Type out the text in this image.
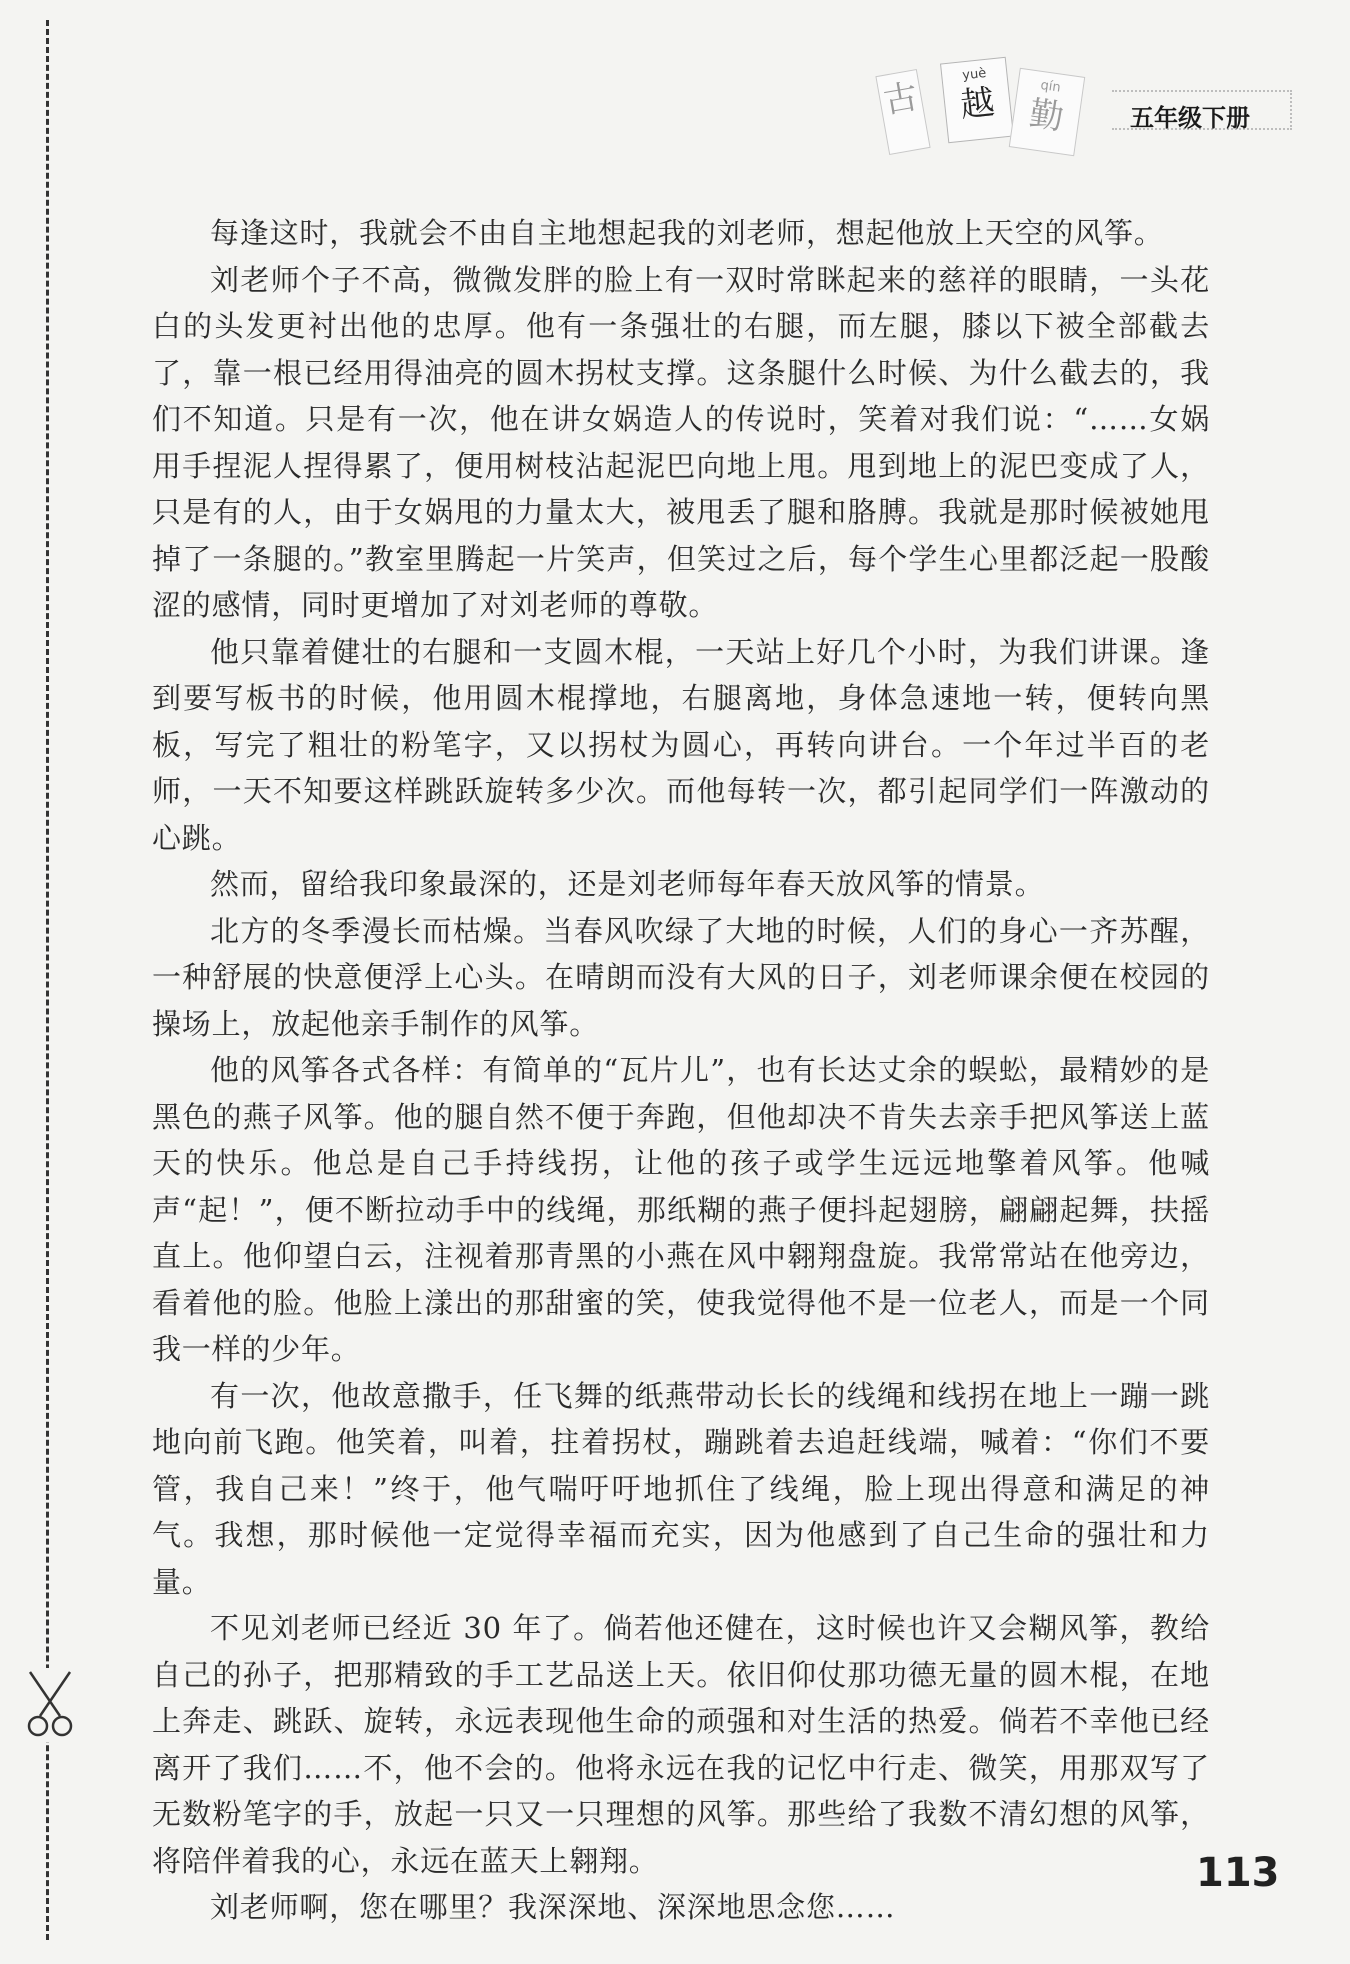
古
yuè
越	qín
勤	五年级下册

每逢这时，我就会不由自主地想起我的刘老师，想起他放上天空的风筝。

刘老师个子不高，微微发胖的脸上有一双时常眯起来的慈祥的眼睛，一头花白的头发更衬出他的忠厚。他有一条强壮的右腿，而左腿，膝以下被全部截去了，靠一根已经用得油亮的圆木拐杖支撑。这条腿什么时候、为什么截去的，我们不知道。只是有一次，他在讲女娲造人的传说时，笑着对我们说：“……女娲用手捏泥人捏得累了，便用树枝沾起泥巴向地上甩。甩到地上的泥巴变成了人，只是有的人，由于女娲甩的力量太大，被甩丢了腿和胳膊。我就是那时候被她甩掉了一条腿的。”教室里腾起一片笑声，但笑过之后，每个学生心里都泛起一股酸涩的感情，同时更增加了对刘老师的尊敬。

他只靠着健壮的右腿和一支圆木棍，一天站上好几个小时，为我们讲课。逢到要写板书的时候，他用圆木棍撑地，右腿离地，身体急速地一转，便转向黑板，写完了粗壮的粉笔字，又以拐杖为圆心，再转向讲台。一个年过半百的老师，一天不知要这样跳跃旋转多少次。而他每转一次，都引起同学们一阵激动的心跳。

然而，留给我印象最深的，还是刘老师每年春天放风筝的情景。

北方的冬季漫长而枯燥。当春风吹绿了大地的时候，人们的身心一齐苏醒，一种舒展的快意便浮上心头。在晴朗而没有大风的日子，刘老师课余便在校园的操场上，放起他亲手制作的风筝。

他的风筝各式各样：有简单的“瓦片儿”，也有长达丈余的蜈蚣，最精妙的是黑色的燕子风筝。他的腿自然不便于奔跑，但他却决不肯失去亲手把风筝送上蓝天的快乐。他总是自己手持线拐，让他的孩子或学生远远地擎着风筝。他喊声“起！”，便不断拉动手中的线绳，那纸糊的燕子便抖起翅膀，翩翩起舞，扶摇直上。他仰望白云，注视着那青黑的小燕在风中翱翔盘旋。我常常站在他旁边，看着他的脸。他脸上漾出的那甜蜜的笑，使我觉得他不是一位老人，而是一个同我一样的少年。

有一次，他故意撒手，任飞舞的纸燕带动长长的线绳和线拐在地上一蹦一跳地向前飞跑。他笑着，叫着，拄着拐杖，蹦跳着去追赶线端，喊着：“你们不要管，我自己来！”终于，他气喘吁吁地抓住了线绳，脸上现出得意和满足的神气。我想，那时候他一定觉得幸福而充实，因为他感到了自己生命的强壮和力量。

不见刘老师已经近 30 年了。倘若他还健在，这时候也许又会糊风筝，教给自己的孙子，把那精致的手工艺品送上天。依旧仰仗那功德无量的圆木棍，在地上奔走、跳跃、旋转，永远表现他生命的顽强和对生活的热爱。倘若不幸他已经离开了我们……不，他不会的。他将永远在我的记忆中行走、微笑，用那双写了无数粉笔字的手，放起一只又一只理想的风筝。那些给了我数不清幻想的风筝，将陪伴着我的心，永远在蓝天上翱翔。

刘老师啊，您在哪里？我深深地、深深地思念您……

113
